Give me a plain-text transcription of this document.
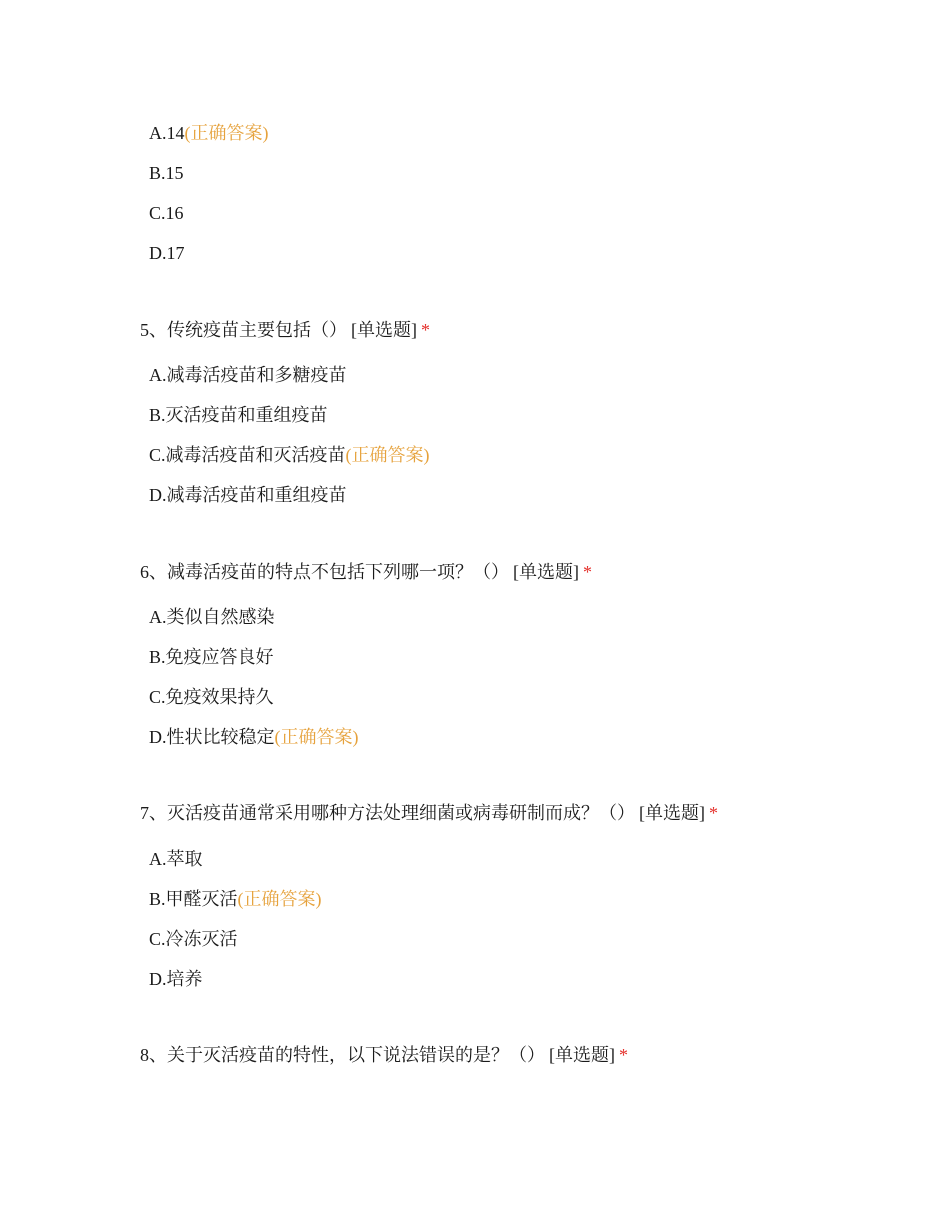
A.14(正确答案)
B.15
C.16
D.17
5、传统疫苗主要包括（） [单选题] *
A.减毒活疫苗和多糖疫苗
B.灭活疫苗和重组疫苗
C.减毒活疫苗和灭活疫苗(正确答案)
D.减毒活疫苗和重组疫苗
6、减毒活疫苗的特点不包括下列哪一项？（） [单选题] *
A.类似自然感染
B.免疫应答良好
C.免疫效果持久
D.性状比较稳定(正确答案)
7、灭活疫苗通常采用哪种方法处理细菌或病毒研制而成？（） [单选题] *
A.萃取
B.甲醛灭活(正确答案)
C.冷冻灭活
D.培养
8、关于灭活疫苗的特性，以下说法错误的是？（） [单选题] *
